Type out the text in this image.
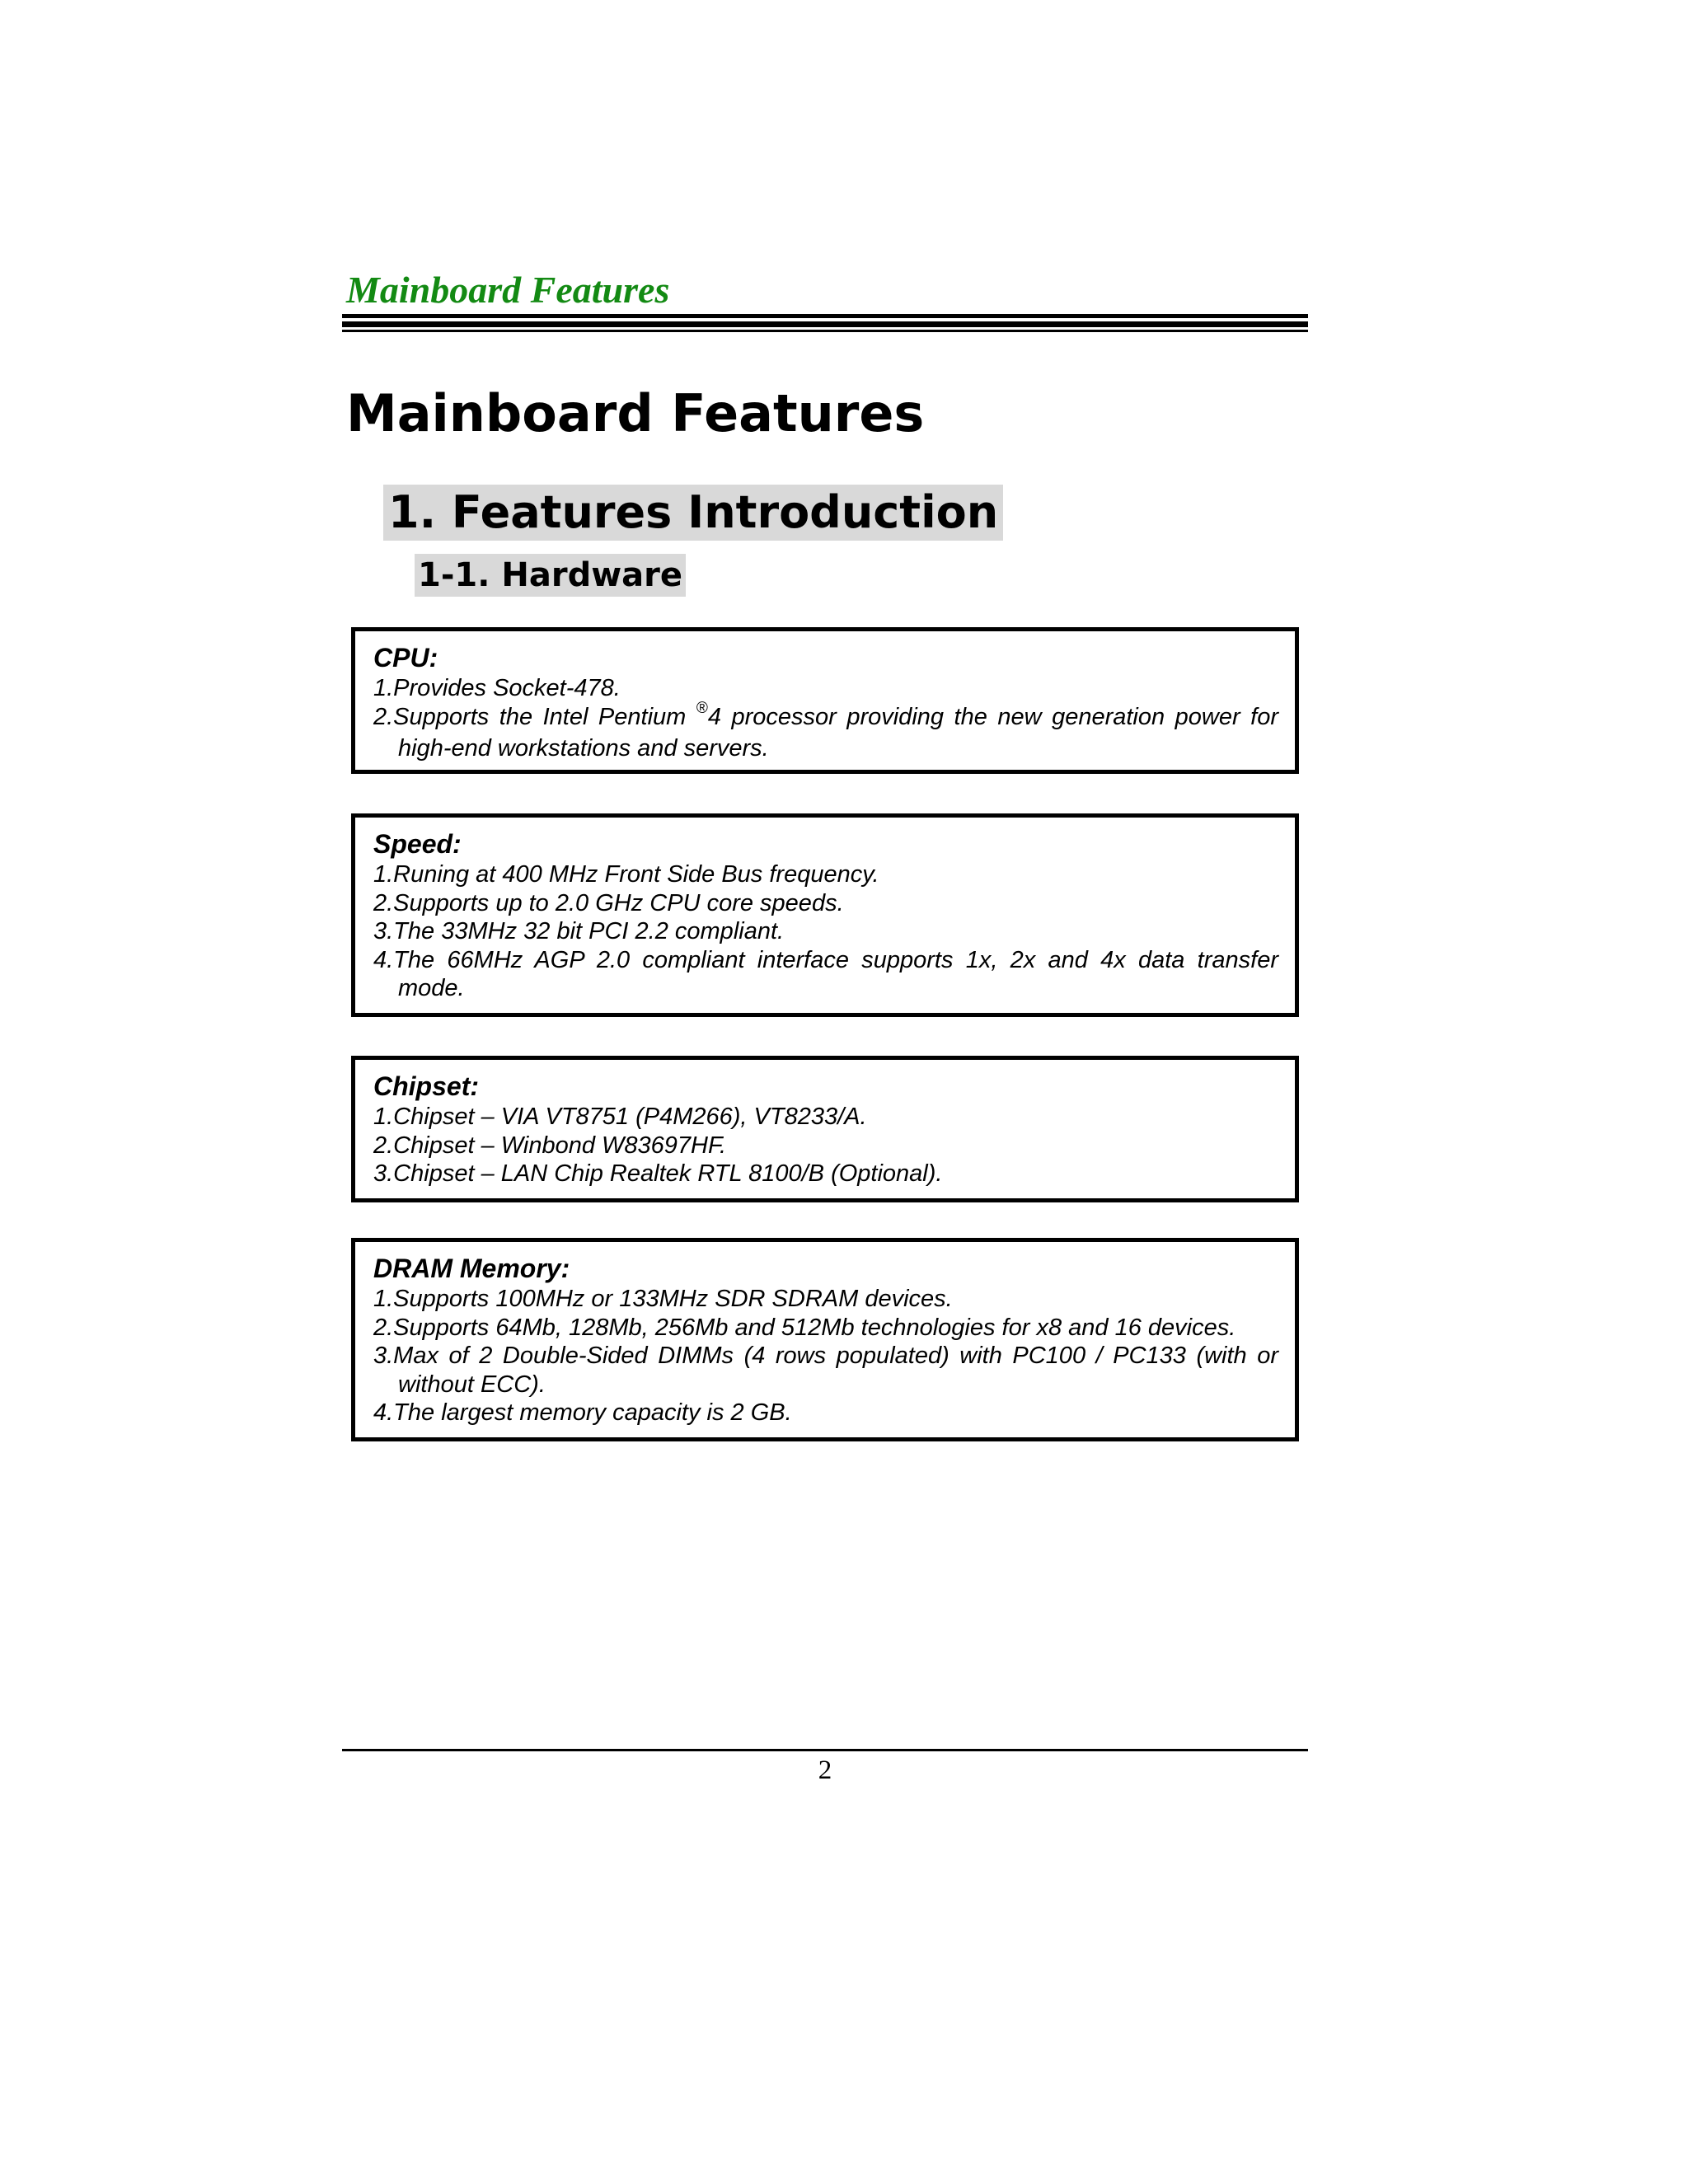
Mainboard Features
Mainboard Features
1. Features Introduction
1-1. Hardware
CPU:
1.Provides Socket-478.
2.Supports the Intel Pentium ®4 processor providing the new generation power for high-end workstations and servers.
Speed:
1.Runing at 400 MHz Front Side Bus frequency.
2.Supports up to 2.0 GHz CPU core speeds.
3.The 33MHz 32 bit PCI 2.2 compliant.
4.The 66MHz AGP 2.0 compliant interface supports 1x, 2x and 4x data transfer mode.
Chipset:
1.Chipset – VIA VT8751 (P4M266), VT8233/A.
2.Chipset – Winbond W83697HF.
3.Chipset – LAN Chip Realtek RTL 8100/B (Optional).
DRAM Memory:
1.Supports 100MHz or 133MHz SDR SDRAM devices.
2.Supports 64Mb, 128Mb, 256Mb and 512Mb technologies for x8 and 16 devices.
3.Max of 2 Double-Sided DIMMs (4 rows populated) with PC100 / PC133 (with or without ECC).
4.The largest memory capacity is 2 GB.
2
